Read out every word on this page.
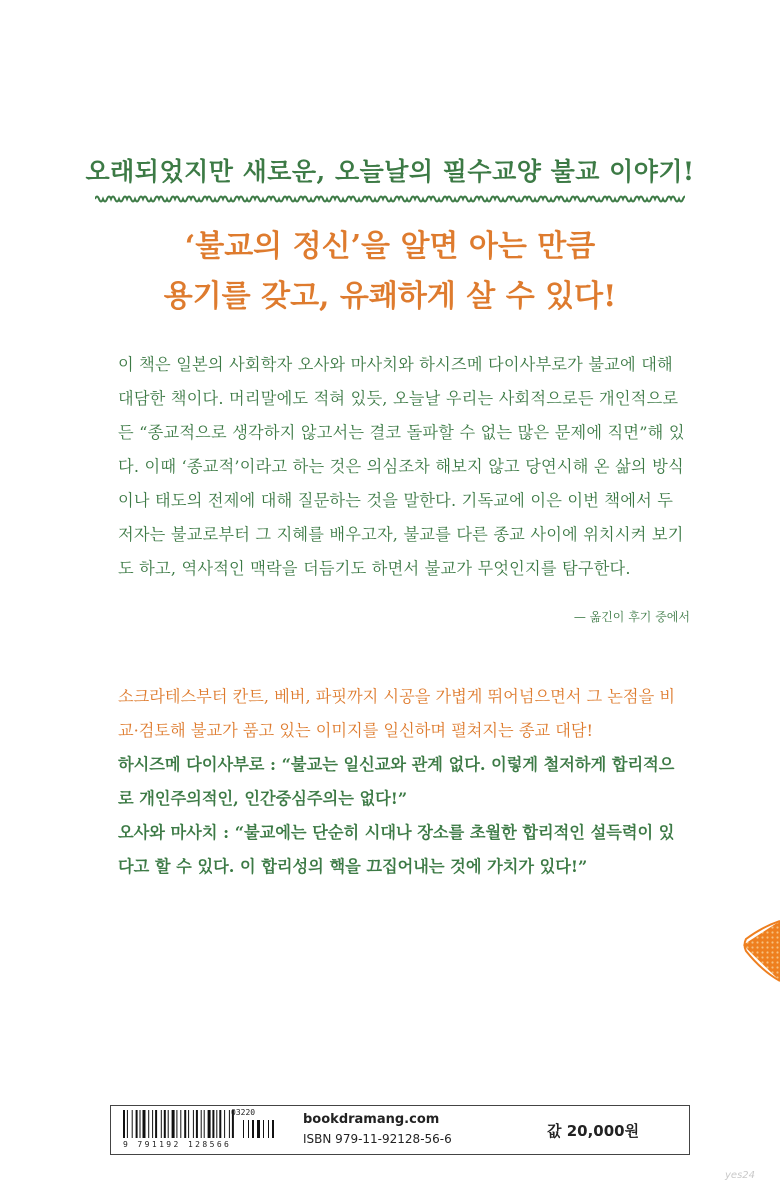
오래되었지만 새로운, 오늘날의 필수교양 불교 이야기!
‘불교의 정신’을 알면 아는 만큼
용기를 갖고, 유쾌하게 살 수 있다!
이 책은 일본의 사회학자 오사와 마사치와 하시즈메 다이사부로가 불교에 대해
대담한 책이다. 머리말에도 적혀 있듯, 오늘날 우리는 사회적으로든 개인적으로
든 “종교적으로 생각하지 않고서는 결코 돌파할 수 없는 많은 문제에 직면”해 있
다. 이때 ‘종교적’이라고 하는 것은 의심조차 해보지 않고 당연시해 온 삶의 방식
이나 태도의 전제에 대해 질문하는 것을 말한다. 기독교에 이은 이번 책에서 두
저자는 불교로부터 그 지혜를 배우고자, 불교를 다른 종교 사이에 위치시켜 보기
도 하고, 역사적인 맥락을 더듬기도 하면서 불교가 무엇인지를 탐구한다.
— 옮긴이 후기 중에서
소크라테스부터 칸트, 베버, 파핏까지 시공을 가볍게 뛰어넘으면서 그 논점을 비
교·검토해 불교가 품고 있는 이미지를 일신하며 펼쳐지는 종교 대담!
하시즈메 다이사부로 : “불교는 일신교와 관계 없다. 이렇게 철저하게 합리적으
로 개인주의적인, 인간중심주의는 없다!”
오사와 마사치 : “불교에는 단순히 시대나 장소를 초월한 합리적인 설득력이 있
다고 할 수 있다. 이 합리성의 핵을 끄집어내는 것에 가치가 있다!”
03220
9 791192 128566
bookdramang.com
ISBN 979-11-92128-56-6	값 20,000원
yes24
